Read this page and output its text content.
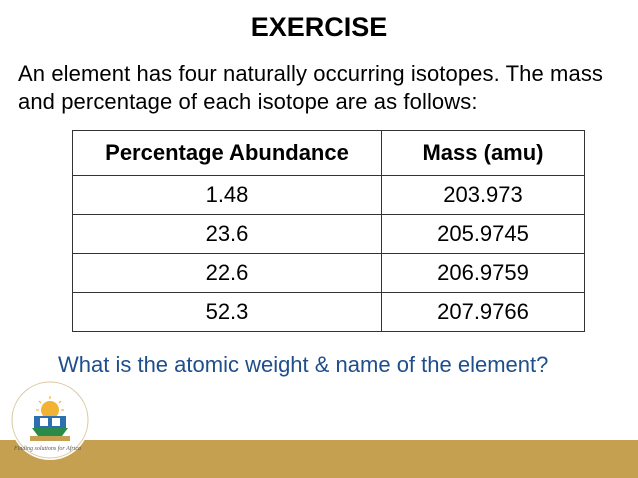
EXERCISE
An element has four naturally occurring isotopes. The mass and percentage of each isotope are as follows:
Percentage Abundance	Mass (amu)
1.48	203.973
23.6	205.9745
22.6	206.9759
52.3	207.9766
What is the atomic weight & name of the element?
Finding solutions for Africa
